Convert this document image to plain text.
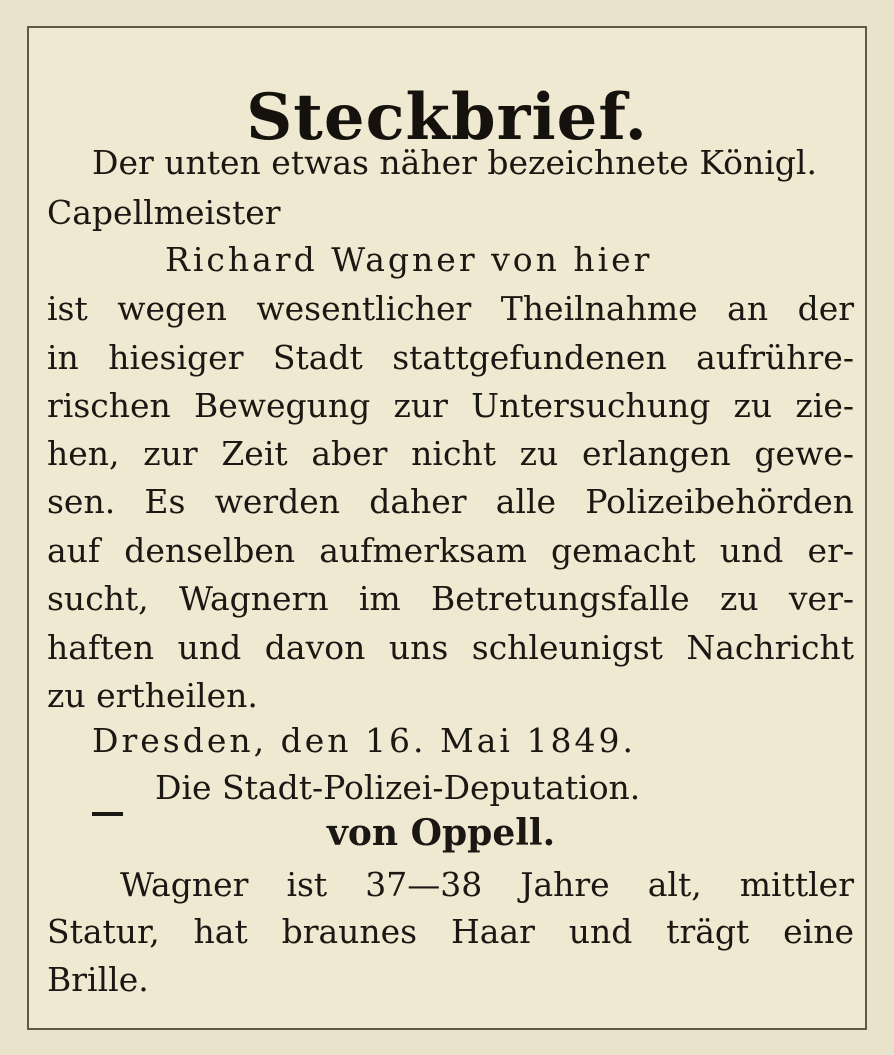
Steckbrief.
Der unten etwas näher bezeichnete Königl.
Capellmeister
Richard Wagner von hier
ist wegen wesentlicher Theilnahme an der
in hiesiger Stadt stattgefundenen aufrühre-
rischen Bewegung zur Untersuchung zu zie-
hen, zur Zeit aber nicht zu erlangen gewe-
sen. Es werden daher alle Polizeibehörden
auf denselben aufmerksam gemacht und er-
sucht, Wagnern im Betretungsfalle zu ver-
haften und davon uns schleunigst Nachricht
zu ertheilen.
Dresden, den 16. Mai 1849.
Die Stadt-Polizei-Deputation.
von Oppell.
Wagner ist 37—38 Jahre alt, mittler
Statur, hat braunes Haar und trägt eine
Brille.
